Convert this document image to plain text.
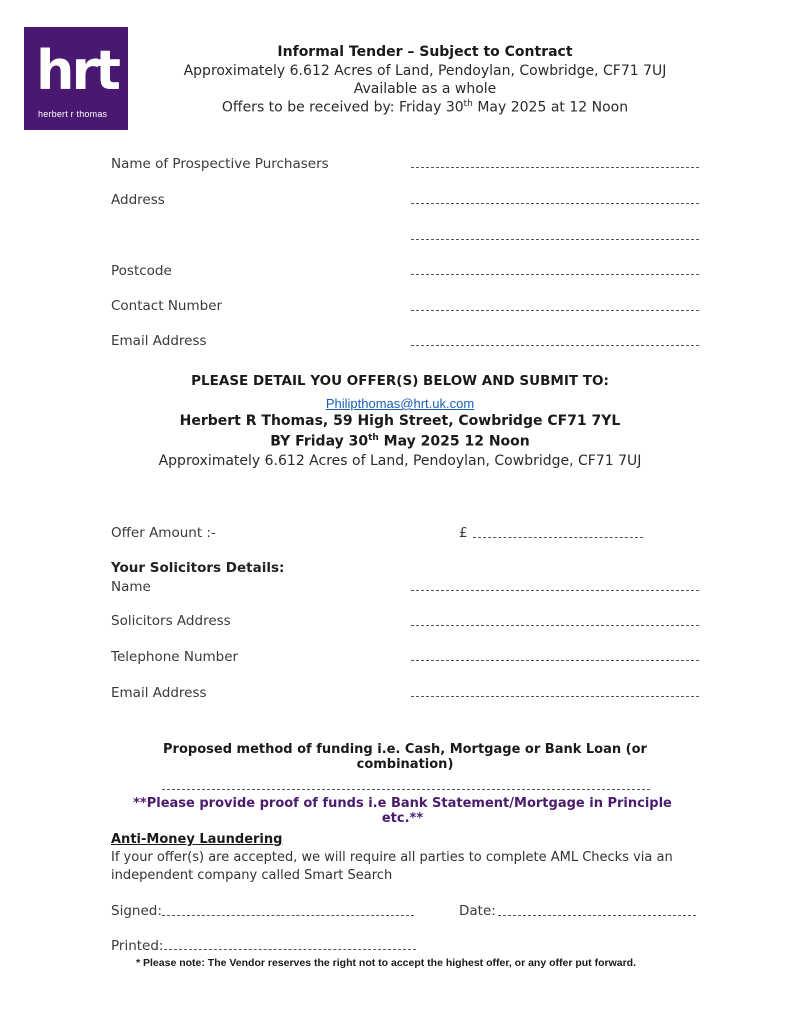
hrt
herbert r thomas
Informal Tender – Subject to Contract
Approximately 6.612 Acres of Land, Pendoylan, Cowbridge, CF71 7UJ
Available as a whole
Offers to be received by: Friday 30th May 2025 at 12 Noon
Name of Prospective Purchasers
Address
Postcode
Contact Number
Email Address
PLEASE DETAIL YOU OFFER(S) BELOW AND SUBMIT TO:
Philipthomas@hrt.uk.com
Herbert R Thomas, 59 High Street, Cowbridge CF71 7YL
BY Friday 30th May 2025 12 Noon
Approximately 6.612 Acres of Land, Pendoylan, Cowbridge, CF71 7UJ
Offer Amount :-	£
Your Solicitors Details:
Name
Solicitors Address
Telephone Number
Email Address
Proposed method of funding i.e. Cash, Mortgage or Bank Loan (or combination)
**Please provide proof of funds i.e Bank Statement/Mortgage in Principle etc.**
Anti-Money Laundering
If your offer(s) are accepted, we will require all parties to complete AML Checks via an
independent company called Smart Search
Signed:	Date:
Printed:
* Please note: The Vendor reserves the right not to accept the highest offer, or any offer put forward.
